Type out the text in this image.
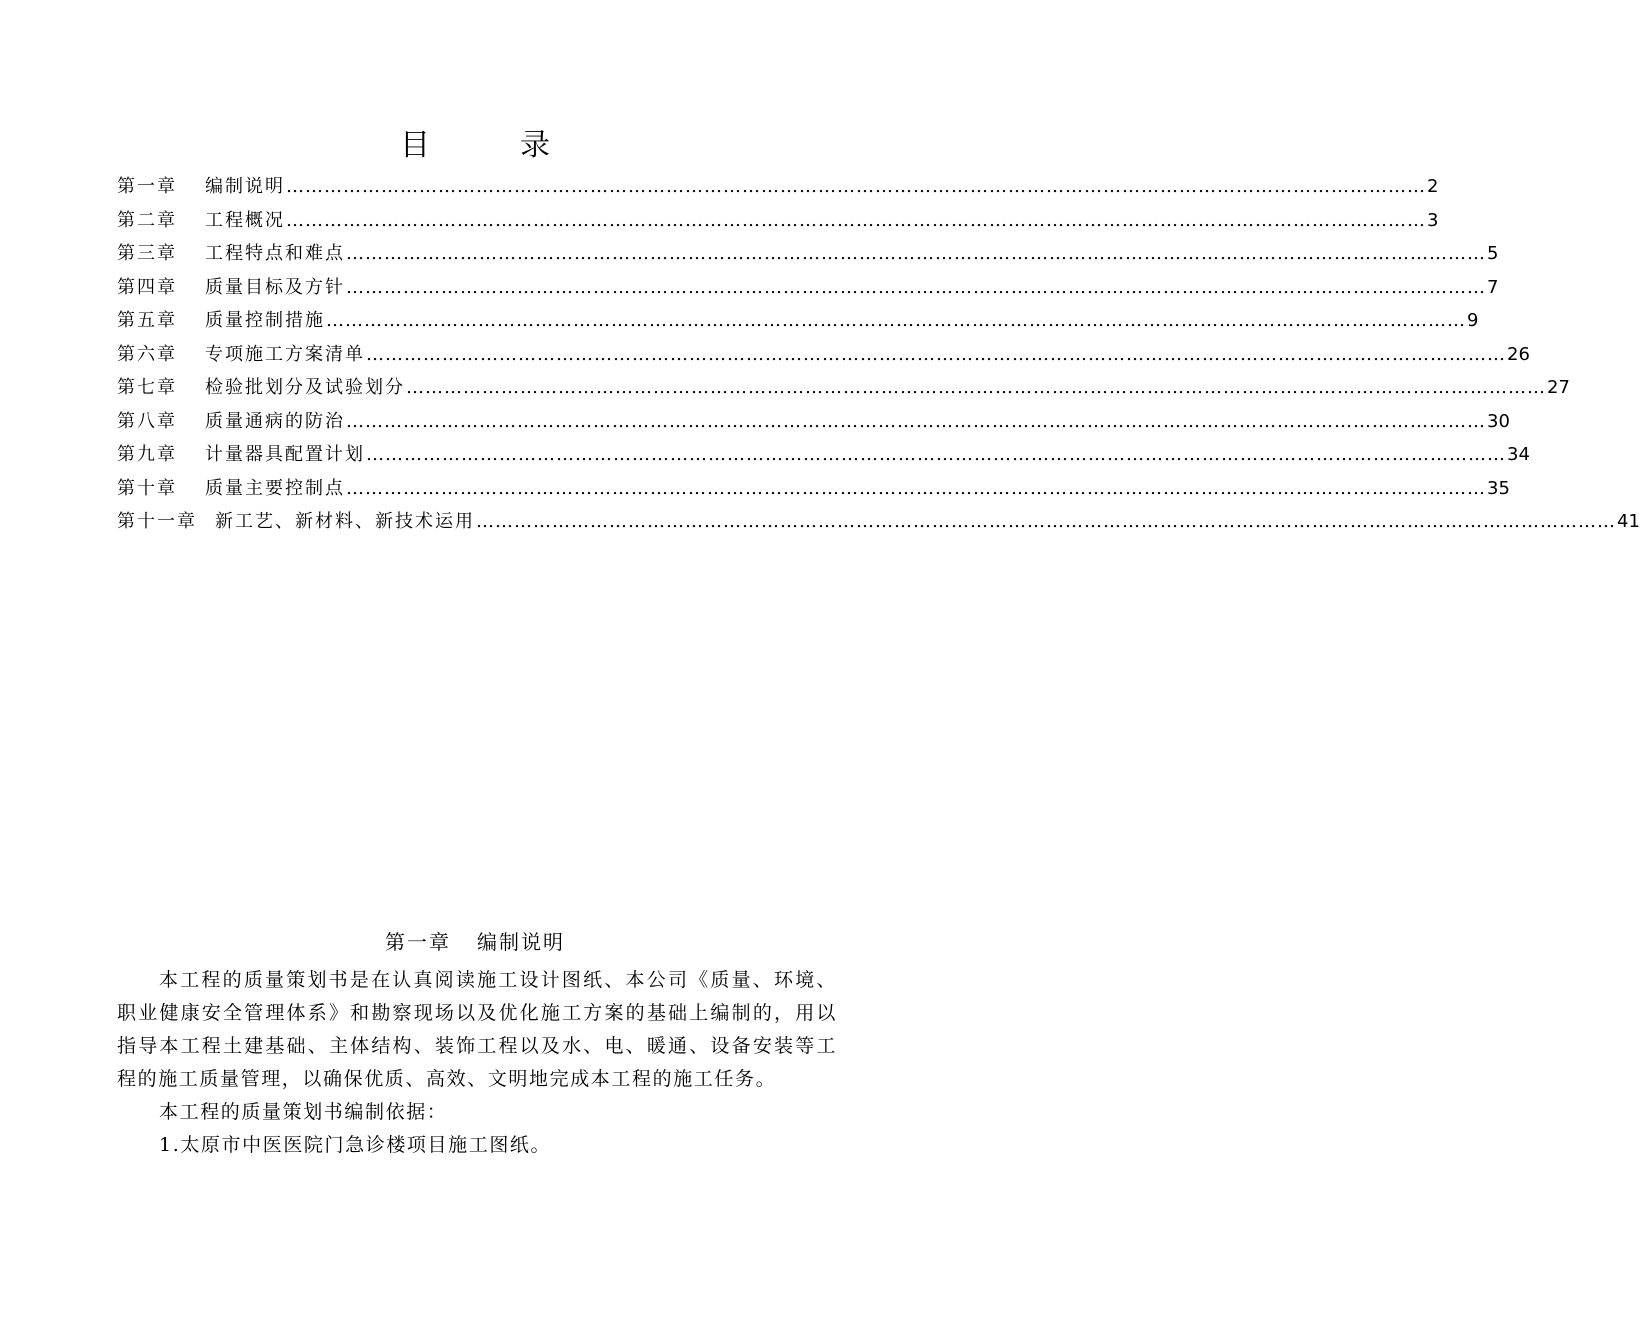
目	录
第一章	编制说明 ……………………………………………………………………………………………………………………………………………………………… 2
第二章	工程概况 ……………………………………………………………………………………………………………………………………………………………… 3
第三章	工程特点和难点 ……………………………………………………………………………………………………………………………………………………………… 5
第四章	质量目标及方针 ……………………………………………………………………………………………………………………………………………………………… 7
第五章	质量控制措施 ……………………………………………………………………………………………………………………………………………………………… 9
第六章	专项施工方案清单 ……………………………………………………………………………………………………………………………………………………………… 26
第七章	检验批划分及试验划分 ……………………………………………………………………………………………………………………………………………………………… 27
第八章	质量通病的防治 ……………………………………………………………………………………………………………………………………………………………… 30
第九章	计量器具配置计划 ……………………………………………………………………………………………………………………………………………………………… 34
第十章	质量主要控制点 ……………………………………………………………………………………………………………………………………………………………… 35
第十一章	新工艺、新材料、新技术运用 ……………………………………………………………………………………………………………………………………………………………… 41
第一章 编制说明

本工程的质量策划书是在认真阅读施工设计图纸、本公司《质量、环境、职业健康安全管理体系》和勘察现场以及优化施工方案的基础上编制的，用以指导本工程土建基础、主体结构、装饰工程以及水、电、暖通、设备安装等工程的施工质量管理，以确保优质、高效、文明地完成本工程的施工任务。

本工程的质量策划书编制依据：

1.太原市中医医院门急诊楼项目施工图纸。
